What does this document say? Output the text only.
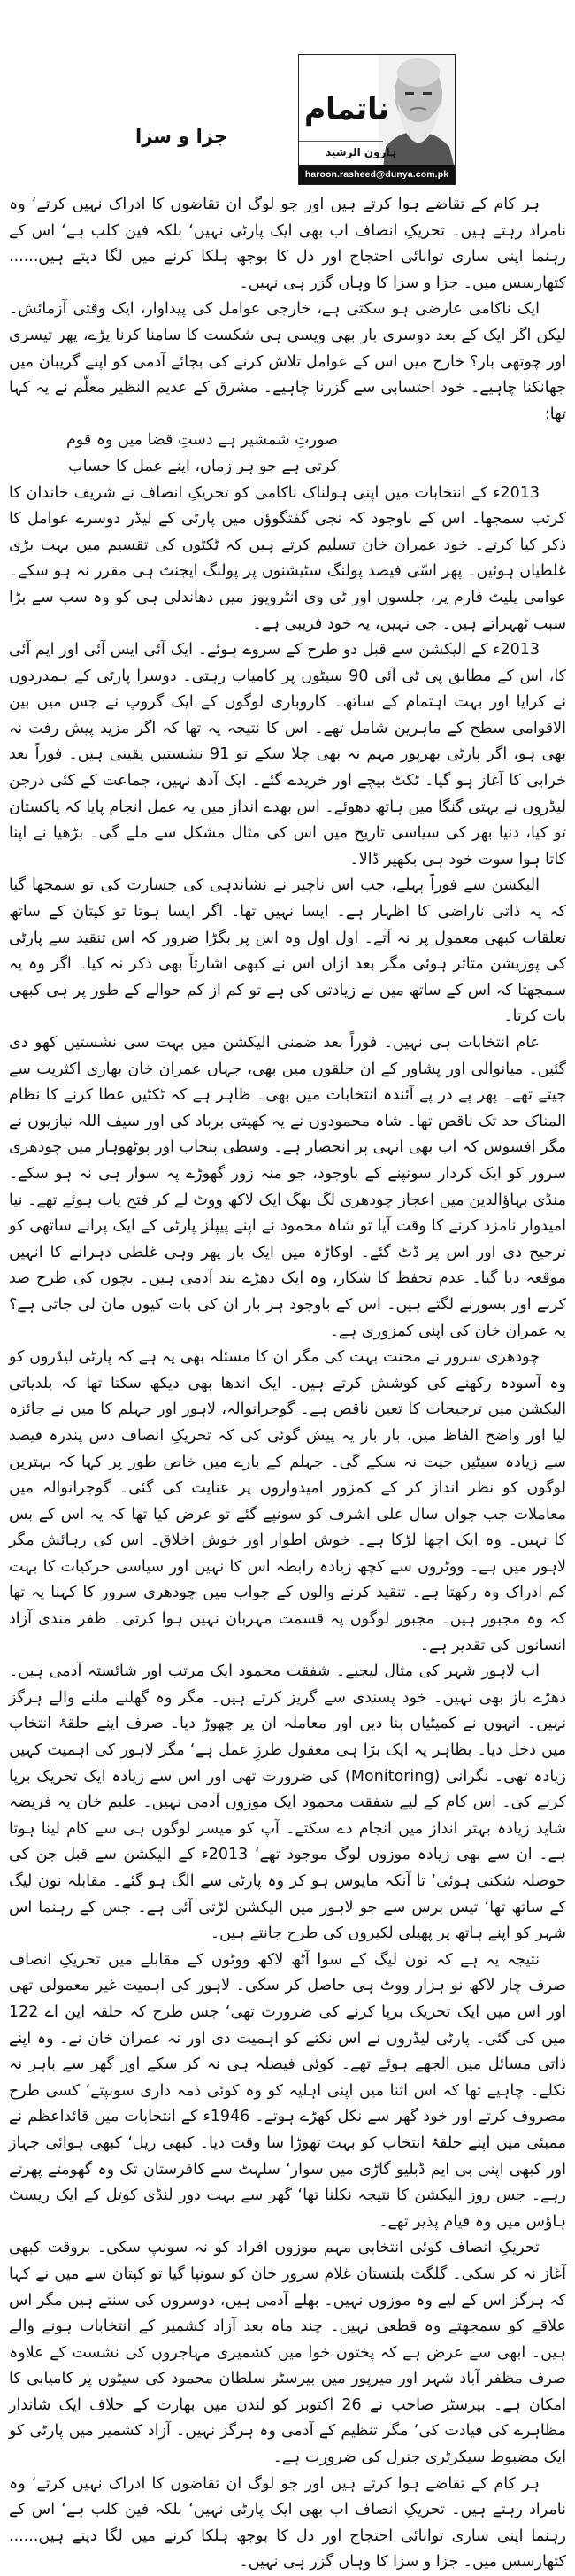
جزا و سزا
ناتمام
ہارون الرشید
haroon.rasheed@dunya.com.pk

ہر کام کے تقاضے ہوا کرتے ہیں اور جو لوگ ان تقاضوں کا ادراک نہیں کرتے‘ وہ نامراد رہتے ہیں۔ تحریکِ انصاف اب بھی ایک پارٹی نہیں‘ بلکہ فین کلب ہے‘ اس کے رہنما اپنی ساری توانائی احتجاج اور دل کا بوجھ ہلکا کرنے میں لگا دیتے ہیں...... کتھارسس میں۔ جزا و سزا کا وہاں گزر ہی نہیں۔

ایک ناکامی عارضی ہو سکتی ہے، خارجی عوامل کی پیداوار، ایک وقتی آزمائش۔ لیکن اگر ایک کے بعد دوسری بار بھی ویسی ہی شکست کا سامنا کرنا پڑے، پھر تیسری اور چوتھی بار؟ خارج میں اس کے عوامل تلاش کرنے کی بجائے آدمی کو اپنے گریبان میں جھانکنا چاہیے۔ خود احتسابی سے گزرنا چاہیے۔ مشرق کے عدیم النظیر معلّم نے یہ کہا تھا:

صورتِ شمشیر ہے دستِ قضا میں وہ قوم

کرتی ہے جو ہر زماں، اپنے عمل کا حساب

2013ء کے انتخابات میں اپنی ہولناک ناکامی کو تحریکِ انصاف نے شریف خاندان کا کرتب سمجھا۔ اس کے باوجود کہ نجی گفتگوؤں میں پارٹی کے لیڈر دوسرے عوامل کا ذکر کیا کرتے۔ خود عمران خان تسلیم کرتے ہیں کہ ٹکٹوں کی تقسیم میں بہت بڑی غلطیاں ہوئیں۔ پھر اسّی فیصد پولنگ سٹیشنوں پر پولنگ ایجنٹ ہی مقرر نہ ہو سکے۔ عوامی پلیٹ فارم پر، جلسوں اور ٹی وی انٹرویوز میں دھاندلی ہی کو وہ سب سے بڑا سبب ٹھہراتے ہیں۔ جی نہیں، یہ خود فریبی ہے۔

2013ء کے الیکشن سے قبل دو طرح کے سروے ہوئے۔ ایک آئی ایس آئی اور ایم آئی کا، اس کے مطابق پی ٹی آئی 90 سیٹوں پر کامیاب رہتی۔ دوسرا پارٹی کے ہمدردوں نے کرایا اور بہت اہتمام کے ساتھ۔ کاروباری لوگوں کے ایک گروپ نے جس میں بین الاقوامی سطح کے ماہرین شامل تھے۔ اس کا نتیجہ یہ تھا کہ اگر مزید پیش رفت نہ بھی ہو، اگر پارٹی بھرپور مہم نہ بھی چلا سکے تو 91 نشستیں یقینی ہیں۔ فوراً بعد خرابی کا آغاز ہو گیا۔ ٹکٹ بیچے اور خریدے گئے۔ ایک آدھ نہیں، جماعت کے کئی درجن لیڈروں نے بہتی گنگا میں ہاتھ دھوئے۔ اس بھدے انداز میں یہ عمل انجام پایا کہ پاکستان تو کیا، دنیا بھر کی سیاسی تاریخ میں اس کی مثال مشکل سے ملے گی۔ بڑھیا نے اپنا کاتا ہوا سوت خود ہی بکھیر ڈالا۔

الیکشن سے فوراً پہلے، جب اس ناچیز نے نشاندہی کی جسارت کی تو سمجھا گیا کہ یہ ذاتی ناراضی کا اظہار ہے۔ ایسا نہیں تھا۔ اگر ایسا ہوتا تو کپتان کے ساتھ تعلقات کبھی معمول پر نہ آتے۔ اول اول وہ اس پر بگڑا ضرور کہ اس تنقید سے پارٹی کی پوزیشن متاثر ہوئی مگر بعد ازاں اس نے کبھی اشارتاً بھی ذکر نہ کیا۔ اگر وہ یہ سمجھتا کہ اس کے ساتھ میں نے زیادتی کی ہے تو کم از کم حوالے کے طور پر ہی کبھی بات کرتا۔

عام انتخابات ہی نہیں۔ فوراً بعد ضمنی الیکشن میں بہت سی نشستیں کھو دی گئیں۔ میانوالی اور پشاور کے ان حلقوں میں بھی، جہاں عمران خان بھاری اکثریت سے جیتے تھے۔ پھر پے در پے آئندہ انتخابات میں بھی۔ ظاہر ہے کہ ٹکٹیں عطا کرنے کا نظام المناک حد تک ناقص تھا۔ شاہ محمودوں نے یہ کھیتی برباد کی اور سیف اللہ نیازیوں نے مگر افسوس کہ اب بھی انہی پر انحصار ہے۔ وسطی پنجاب اور پوٹھوہار میں چودھری سرور کو ایک کردار سونپنے کے باوجود، جو منہ زور گھوڑے پہ سوار ہی نہ ہو سکے۔ منڈی بہاؤالدین میں اعجاز چودھری لگ بھگ ایک لاکھ ووٹ لے کر فتح یاب ہوئے تھے۔ نیا امیدوار نامزد کرنے کا وقت آیا تو شاہ محمود نے اپنے پیپلز پارٹی کے ایک پرانے ساتھی کو ترجیح دی اور اس پر ڈٹ گئے۔ اوکاڑہ میں ایک بار پھر وہی غلطی دہرانے کا انہیں موقعہ دیا گیا۔ عدم تحفظ کا شکار، وہ ایک دھڑے بند آدمی ہیں۔ بچوں کی طرح ضد کرنے اور بسورنے لگتے ہیں۔ اس کے باوجود ہر بار ان کی بات کیوں مان لی جاتی ہے؟ یہ عمران خان کی اپنی کمزوری ہے۔

چودھری سرور نے محنت بہت کی مگر ان کا مسئلہ بھی یہ ہے کہ پارٹی لیڈروں کو وہ آسودہ رکھنے کی کوشش کرتے ہیں۔ ایک اندھا بھی دیکھ سکتا تھا کہ بلدیاتی الیکشن میں ترجیحات کا تعین ناقص ہے۔ گوجرانوالہ، لاہور اور جہلم کا میں نے جائزہ لیا اور واضح الفاظ میں، بار بار یہ پیش گوئی کی کہ تحریکِ انصاف دس پندرہ فیصد سے زیادہ سیٹیں جیت نہ سکے گی۔ جہلم کے بارے میں خاص طور پر کہا کہ بہترین لوگوں کو نظر انداز کر کے کمزور امیدواروں پر عنایت کی گئی۔ گوجرانوالہ میں معاملات جب جواں سال علی اشرف کو سونپے گئے تو عرض کیا تھا کہ یہ اس کے بس کا نہیں۔ وہ ایک اچھا لڑکا ہے۔ خوش اطوار اور خوش اخلاق۔ اس کی رہائش مگر لاہور میں ہے۔ ووٹروں سے کچھ زیادہ رابطہ اس کا نہیں اور سیاسی حرکیات کا بہت کم ادراک وہ رکھتا ہے۔ تنقید کرنے والوں کے جواب میں چودھری سرور کا کہنا یہ تھا کہ وہ مجبور ہیں۔ مجبور لوگوں پہ قسمت مہربان نہیں ہوا کرتی۔ ظفر مندی آزاد انسانوں کی تقدیر ہے۔

اب لاہور شہر کی مثال لیجیے۔ شفقت محمود ایک مرتب اور شائستہ آدمی ہیں۔ دھڑے باز بھی نہیں۔ خود پسندی سے گریز کرتے ہیں۔ مگر وہ گھلنے ملنے والے ہرگز نہیں۔ انہوں نے کمیٹیاں بنا دیں اور معاملہ ان پر چھوڑ دیا۔ صرف اپنے حلقۂ انتخاب میں دخل دیا۔ بظاہر یہ ایک بڑا ہی معقول طرزِ عمل ہے‘ مگر لاہور کی اہمیت کہیں زیادہ تھی۔ نگرانی (Monitoring) کی ضرورت تھی اور اس سے زیادہ ایک تحریک برپا کرنے کی۔ اس کام کے لیے شفقت محمود ایک موزوں آدمی نہیں۔ علیم خان یہ فریضہ شاید زیادہ بہتر انداز میں انجام دے سکتے۔ آپ کو میسر لوگوں ہی سے کام لینا ہوتا ہے۔ ان سے بھی زیادہ موزوں لوگ موجود تھے‘ 2013ء کے الیکشن سے قبل جن کی حوصلہ شکنی ہوئی‘ تا آنکہ مایوس ہو کر وہ پارٹی سے الگ ہو گئے۔ مقابلہ نون لیگ کے ساتھ تھا‘ تیس برس سے جو لاہور میں الیکشن لڑتی آئی ہے۔ جس کے رہنما اس شہر کو اپنے ہاتھ پر پھیلی لکیروں کی طرح جانتے ہیں۔

نتیجہ یہ ہے کہ نون لیگ کے سوا آٹھ لاکھ ووٹوں کے مقابلے میں تحریکِ انصاف صرف چار لاکھ نو ہزار ووٹ ہی حاصل کر سکی۔ لاہور کی اہمیت غیر معمولی تھی اور اس میں ایک تحریک برپا کرنے کی ضرورت تھی‘ جس طرح کہ حلقہ این اے 122 میں کی گئی۔ پارٹی لیڈروں نے اس نکتے کو اہمیت دی اور نہ عمران خان نے۔ وہ اپنے ذاتی مسائل میں الجھے ہوئے تھے۔ کوئی فیصلہ ہی نہ کر سکے اور گھر سے باہر نہ نکلے۔ چاہیے تھا کہ اس اثنا میں اپنی اہلیہ کو وہ کوئی ذمہ داری سونپتے‘ کسی طرح مصروف کرتے اور خود گھر سے نکل کھڑے ہوتے۔ 1946ء کے انتخابات میں قائداعظم نے ممبئی میں اپنے حلقۂ انتخاب کو بہت تھوڑا سا وقت دیا۔ کبھی ریل‘ کبھی ہوائی جہاز اور کبھی اپنی بی ایم ڈبلیو گاڑی میں سوار‘ سلہٹ سے کافرستان تک وہ گھومتے پھرتے رہے۔ جس روز الیکشن کا نتیجہ نکلنا تھا‘ گھر سے بہت دور لنڈی کوتل کے ایک ریسٹ ہاؤس میں وہ قیام پذیر تھے۔

تحریکِ انصاف کوئی انتخابی مہم موزوں افراد کو نہ سونپ سکی۔ بروقت کبھی آغاز نہ کر سکی۔ گلگت بلتستان غلام سرور خان کو سونپا گیا تو کپتان سے میں نے کہا کہ ہرگز اس کے لیے وہ موزوں نہیں۔ بھلے آدمی ہیں، دوسروں کی سنتے ہیں مگر اس علاقے کو سمجھتے وہ قطعی نہیں۔ چند ماہ بعد آزاد کشمیر کے انتخابات ہونے والے ہیں۔ ابھی سے عرض ہے کہ پختون خوا میں کشمیری مہاجروں کی نشست کے علاوہ صرف مظفر آباد شہر اور میرپور میں بیرسٹر سلطان محمود کی سیٹوں پر کامیابی کا امکان ہے۔ بیرسٹر صاحب نے 26 اکتوبر کو لندن میں بھارت کے خلاف ایک شاندار مظاہرے کی قیادت کی‘ مگر تنظیم کے آدمی وہ ہرگز نہیں۔ آزاد کشمیر میں پارٹی کو ایک مضبوط سیکرٹری جنرل کی ضرورت ہے۔

ہر کام کے تقاضے ہوا کرتے ہیں اور جو لوگ ان تقاضوں کا ادراک نہیں کرتے‘ وہ نامراد رہتے ہیں۔ تحریکِ انصاف اب بھی ایک پارٹی نہیں‘ بلکہ فین کلب ہے‘ اس کے رہنما اپنی ساری توانائی احتجاج اور دل کا بوجھ ہلکا کرنے میں لگا دیتے ہیں...... کتھارسس میں۔ جزا و سزا کا وہاں گزر ہی نہیں۔
